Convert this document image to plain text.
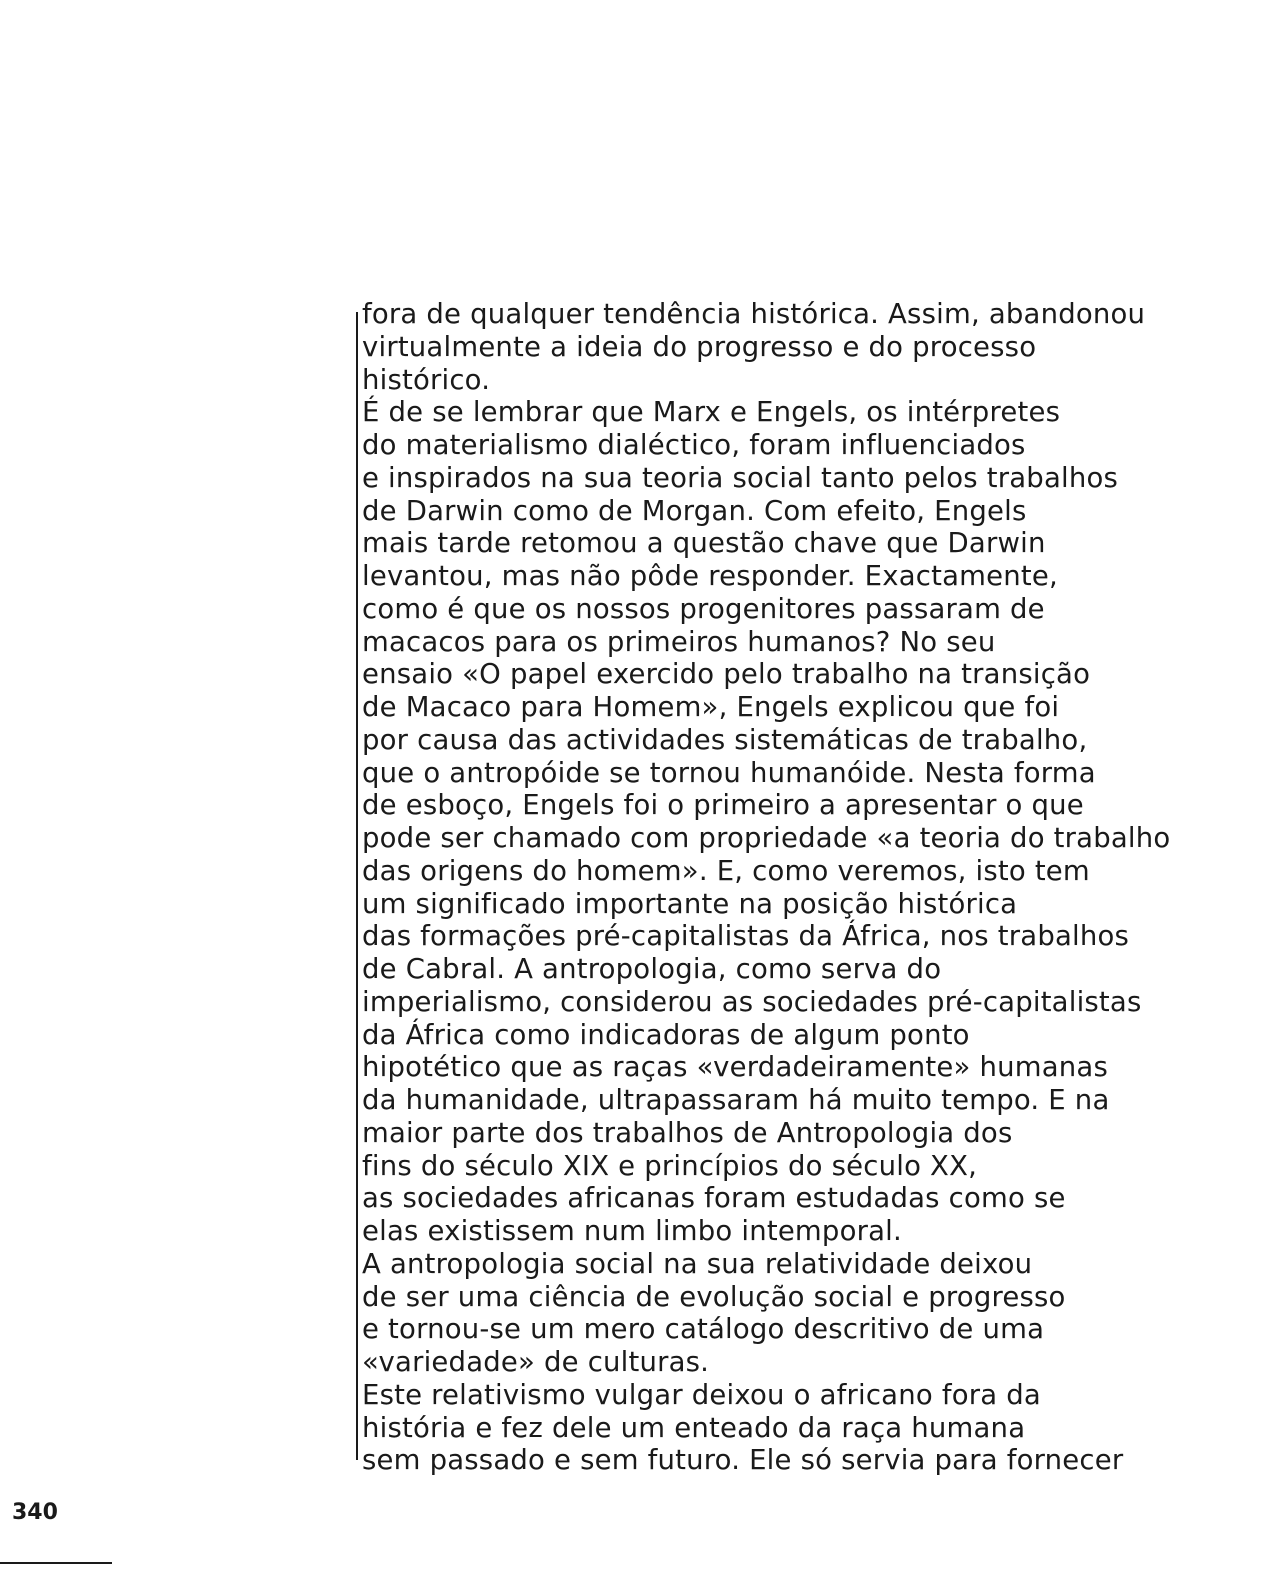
fora de qualquer tendência histórica. Assim, abandonou
virtualmente a ideia do progresso e do processo
histórico.
É de se lembrar que Marx e Engels, os intérpretes
do materialismo dialéctico, foram influenciados
e inspirados na sua teoria social tanto pelos trabalhos
de Darwin como de Morgan. Com efeito, Engels
mais tarde retomou a questão chave que Darwin
levantou, mas não pôde responder. Exactamente,
como é que os nossos progenitores passaram de
macacos para os primeiros humanos? No seu
ensaio «O papel exercido pelo trabalho na transição
de Macaco para Homem», Engels explicou que foi
por causa das actividades sistemáticas de trabalho,
que o antropóide se tornou humanóide. Nesta forma
de esboço, Engels foi o primeiro a apresentar o que
pode ser chamado com propriedade «a teoria do trabalho
das origens do homem». E, como veremos, isto tem
um significado importante na posição histórica
das formações pré-capitalistas da África, nos trabalhos
de Cabral. A antropologia, como serva do
imperialismo, considerou as sociedades pré-capitalistas
da África como indicadoras de algum ponto
hipotético que as raças «verdadeiramente» humanas
da humanidade, ultrapassaram há muito tempo. E na
maior parte dos trabalhos de Antropologia dos
fins do século XIX e princípios do século XX,
as sociedades africanas foram estudadas como se
elas existissem num limbo intemporal.
A antropologia social na sua relatividade deixou
de ser uma ciência de evolução social e progresso
e tornou-se um mero catálogo descritivo de uma
«variedade» de culturas.
Este relativismo vulgar deixou o africano fora da
história e fez dele um enteado da raça humana
sem passado e sem futuro. Ele só servia para fornecer
340
